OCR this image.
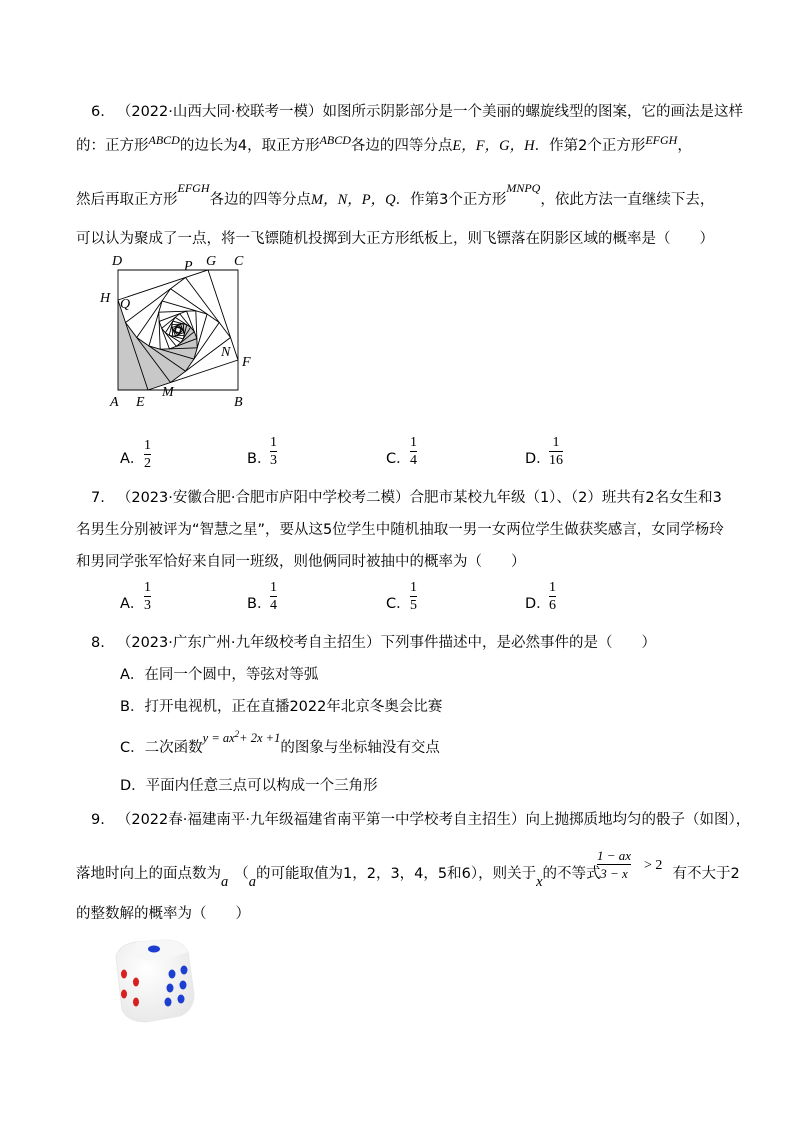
6. （2022·山西大同·校联考一模）如图所示阴影部分是一个美丽的螺旋线型的图案，它的画法是这样
的：正方形$^{ABCD}$的边长为4，取正方形$^{ABCD}$各边的四等分点E，F，G，H．作第2个正方形$^{EFGH}$，
然后再取正方形$^{EFGH}$各边的四等分点M，N，P，Q．作第3个正方形$^{MNPQ}$，依此方法一直继续下去，
可以认为聚成了一点，将一飞镖随机投掷到大正方形纸板上，则飞镖落在阴影区域的概率是（　　）
D	P G C
H Q
N
F
M
A E	B
A．
1
2	B．
1
3	C．
1
4	D．
1
16
7. （2023·安徽合肥·合肥市庐阳中学校考二模）合肥市某校九年级（1）、（2）班共有2名女生和3
名男生分别被评为“智慧之星”，要从这5位学生中随机抽取一男一女两位学生做获奖感言，女同学杨玲
和男同学张军恰好来自同一班级，则他俩同时被抽中的概率为（　　）
A．
1
3	B．
1
4	C．
1
5	D．
1
6
8. （2023·广东广州·九年级校考自主招生）下列事件描述中，是必然事件的是（　　）
A．在同一个圆中，等弦对等弧
B．打开电视机，正在直播2022年北京冬奥会比赛
C．二次函数$y = ax^2+ 2x +1$的图象与坐标轴没有交点
D．平面内任意三点可以构成一个三角形
9. （2022春·福建南平·九年级福建省南平第一中学校考自主招生）向上抛掷质地均匀的骰子（如图），
落地时向上的面点数为a （a的可能取值为1，2，3，4，5和6），则关于x的不等式	有不大于2
1 − ax
3 − x
> 2
的整数解的概率为（　　）
